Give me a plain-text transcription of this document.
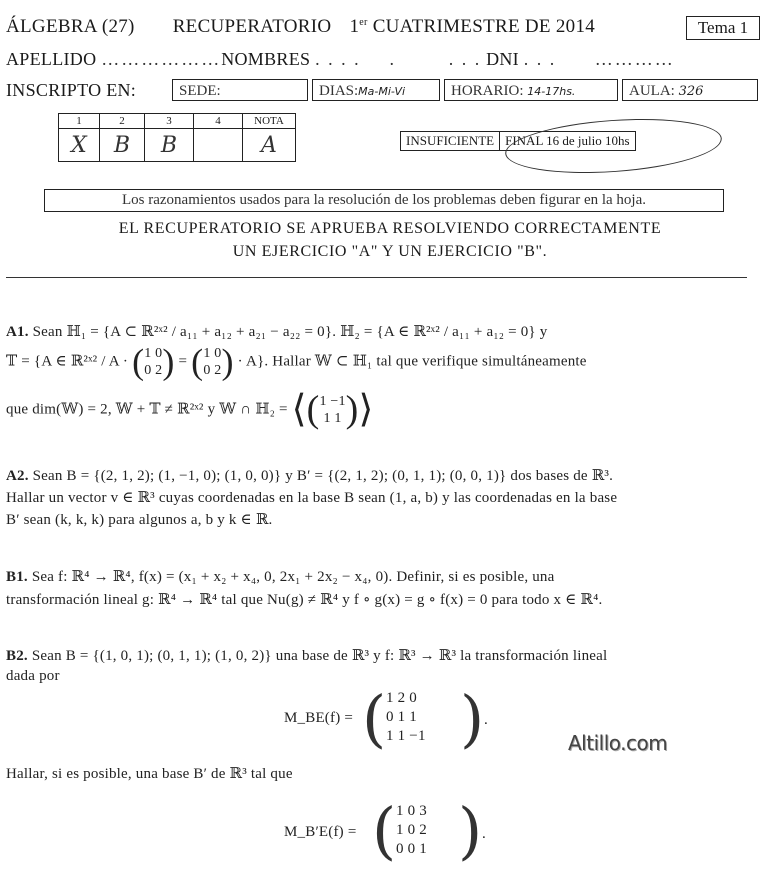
ÁLGEBRA (27) RECUPERATORIO 1er CUATRIMESTRE DE 2014	Tema 1
APELLIDO ………………NOMBRES . . . . .	. . . DNI . . . …………
INSCRIPTO EN:	SEDE:	DIAS:Ma-Mi-Vi	HORARIO: 14-17hs.	AULA: 326
1	2	3	4	NOTA
X	B	B		A	INSUFICIENTE FINAL 16 de julio 10hs
Los razonamientos usados para la resolución de los problemas deben figurar en la hoja.
EL RECUPERATORIO SE APRUEBA RESOLVIENDO CORRECTAMENTE
UN EJERCICIO "A" Y UN EJERCICIO "B".
A1. Sean ℍ₁ = {A ⊂ ℝ²ˣ² / a₁₁ + a₁₂ + a₂₁ − a₂₂ = 0}. ℍ₂ = {A ∈ ℝ²ˣ² / a₁₁ + a₁₂ = 0} y
𝕋 = {A ∈ ℝ²ˣ² / A · (1 0
0 2) = (1 0
0 2) · A}. Hallar 𝕎 ⊂ ℍ₁ tal que verifique simultáneamente
que dim(𝕎) = 2, 𝕎 + 𝕋 ≠ ℝ²ˣ² y 𝕎 ∩ ℍ₂ = ⟨(1 −1
1 1 )⟩
A2. Sean B = {(2, 1, 2); (1, −1, 0); (1, 0, 0)} y B′ = {(2, 1, 2); (0, 1, 1); (0, 0, 1)} dos bases de ℝ³.
Hallar un vector v ∈ ℝ³ cuyas coordenadas en la base B sean (1, a, b) y las coordenadas en la base
B′ sean (k, k, k) para algunos a, b y k ∈ ℝ.
B1. Sea f: ℝ⁴ → ℝ⁴, f(x) = (x₁ + x₂ + x₄, 0, 2x₁ + 2x₂ − x₄, 0). Definir, si es posible, una
transformación lineal g: ℝ⁴ → ℝ⁴ tal que Nu(g) ≠ ℝ⁴ y f ∘ g(x) = g ∘ f(x) = 0 para todo x ∈ ℝ⁴.
B2. Sean B = {(1, 0, 1); (0, 1, 1); (1, 0, 2)} una base de ℝ³ y f: ℝ³ → ℝ³ la transformación lineal
dada por
M_BE(f) = ( 1 2 0
0 1 1
1 1 −1 ) .
Altillo.com
Hallar, si es posible, una base B′ de ℝ³ tal que
M_B′E(f) = ( 1 0 3
1 0 2
0 0 1 ) .
